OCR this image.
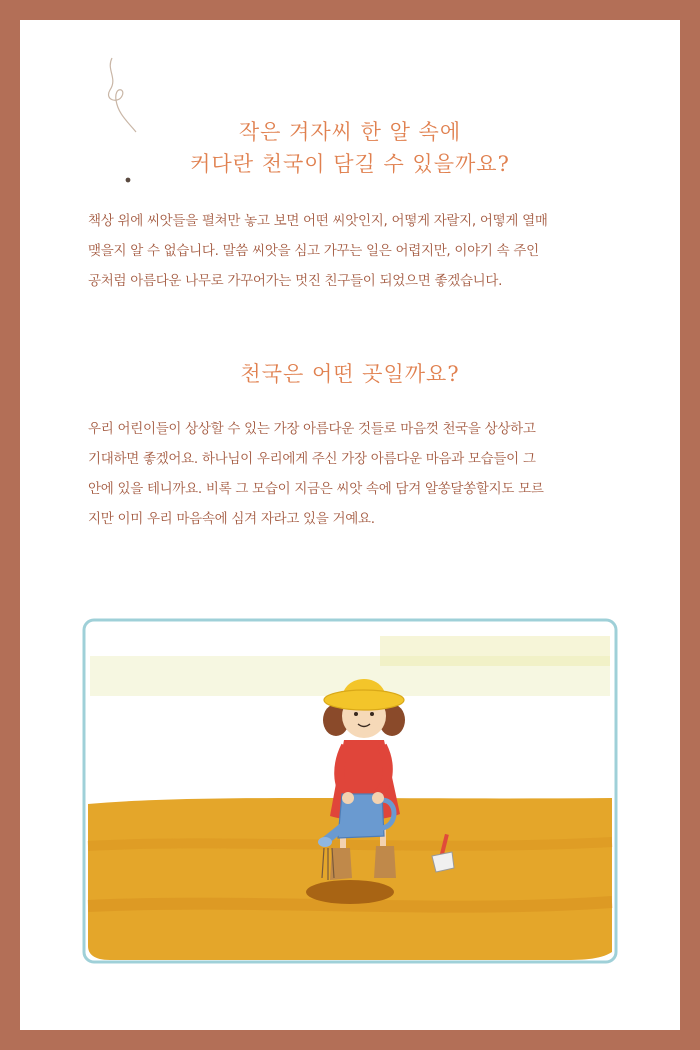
작은 겨자씨 한 알 속에
커다란 천국이 담길 수 있을까요?
책상 위에 씨앗들을 펼쳐만 놓고 보면 어떤 씨앗인지, 어떻게 자랄지, 어떻게 열매
맺을지 알 수 없습니다. 말씀 씨앗을 심고 가꾸는 일은 어렵지만, 이야기 속 주인
공처럼 아름다운 나무로 가꾸어가는 멋진 친구들이 되었으면 좋겠습니다.
천국은 어떤 곳일까요?
우리 어린이들이 상상할 수 있는 가장 아름다운 것들로 마음껏 천국을 상상하고
기대하면 좋겠어요. 하나님이 우리에게 주신 가장 아름다운 마음과 모습들이 그
안에 있을 테니까요. 비록 그 모습이 지금은 씨앗 속에 담겨 알쏭달쏭할지도 모르
지만 이미 우리 마음속에 심겨 자라고 있을 거예요.
